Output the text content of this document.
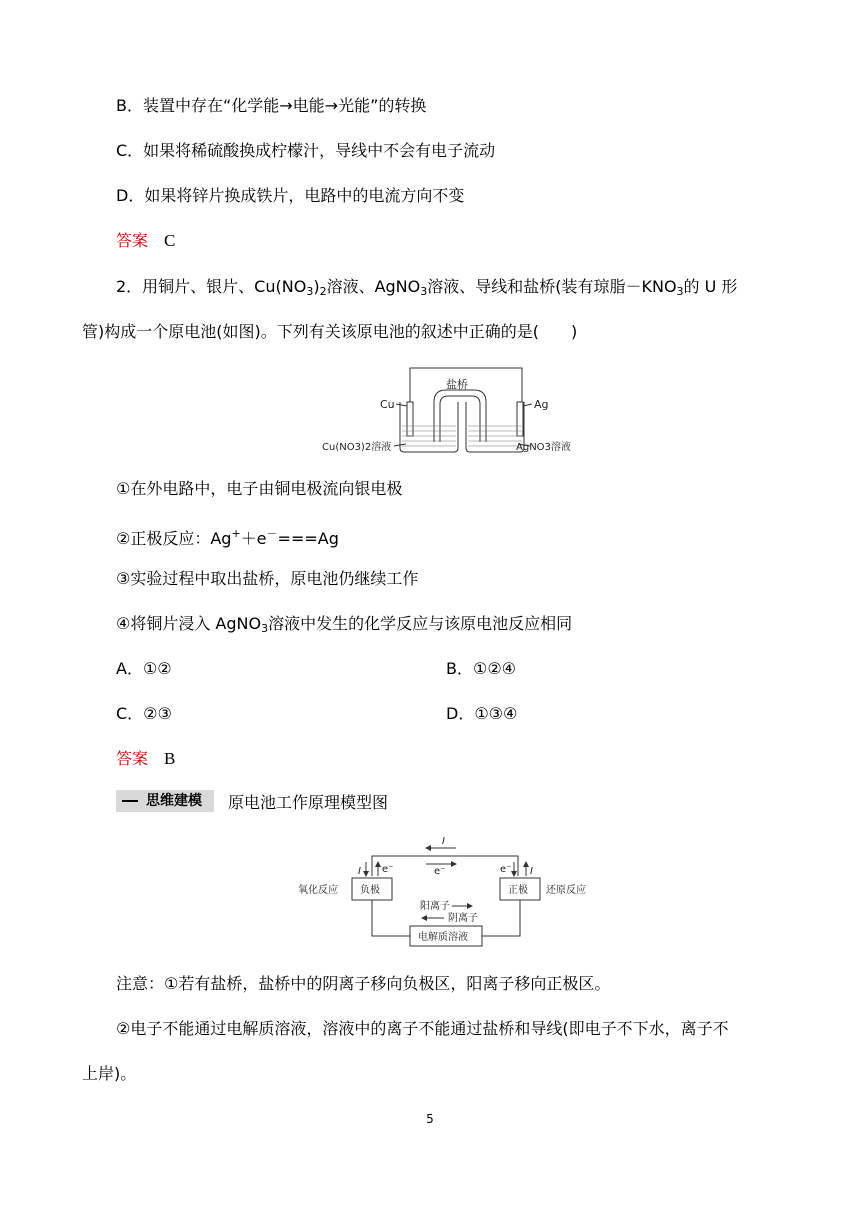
B．装置中存在“化学能→电能→光能”的转换
C．如果将稀硫酸换成柠檬汁，导线中不会有电子流动
D．如果将锌片换成铁片，电路中的电流方向不变
答案 C
2．用铜片、银片、$Cu(NO_3)_2$溶液、AgNO$_3$溶液、导线和盐桥(装有琼脂$-KNO_3$的 U 形
管)构成一个原电池(如图)。下列有关该原电池的叙述中正确的是(　　)
盐桥
Cu	Ag
Cu(NO3)2溶液	AgNO3溶液
①在外电路中，电子由铜电极流向银电极
②正极反应：Ag+＋e－===Ag
③实验过程中取出盐桥，原电池仍继续工作
④将铜片浸入 AgNO$_3$溶液中发生的化学反应与该原电池反应相同
A．①②	B．①②④
C．②③	D．①③④
答案 B
思维建模 原电池工作原理模型图
I
e⁻
I e⁻	e⁻ I
氧化反应 负极	正极 还原反应
阳离子
阴离子
电解质溶液
注意：①若有盐桥，盐桥中的阴离子移向负极区，阳离子移向正极区。
②电子不能通过电解质溶液，溶液中的离子不能通过盐桥和导线(即电子不下水，离子不
上岸)。
5
